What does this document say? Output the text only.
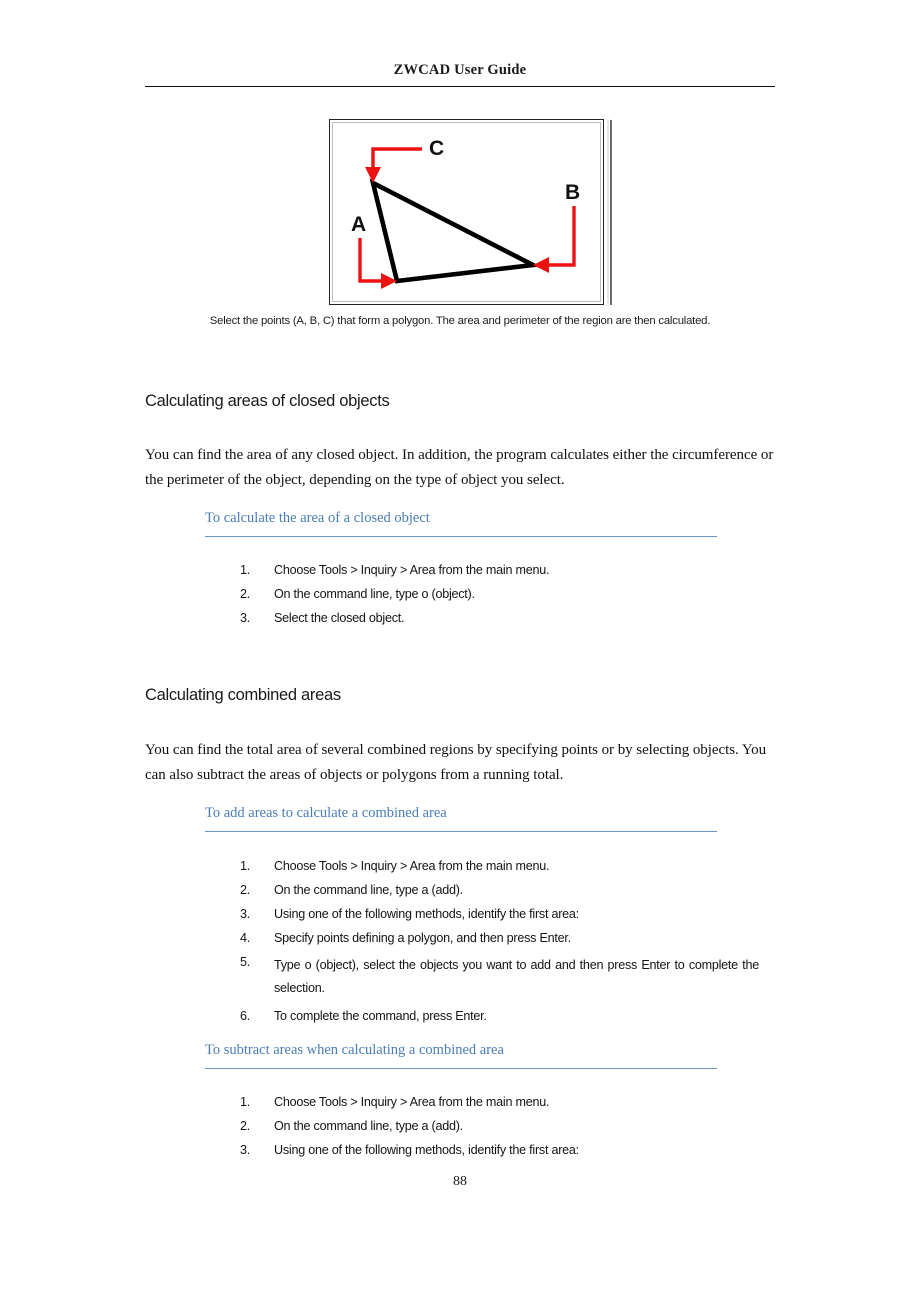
ZWCAD User Guide
C
A
B
Select the points (A, B, C) that form a polygon. The area and perimeter of the region are then calculated.
Calculating areas of closed objects
You can find the area of any closed object. In addition, the program calculates either the circumference or the perimeter of the object, depending on the type of object you select.
To calculate the area of a closed object
1.	Choose Tools > Inquiry > Area from the main menu.
2.	On the command line, type o (object).
3.	Select the closed object.
Calculating combined areas
You can find the total area of several combined regions by specifying points or by selecting objects. You can also subtract the areas of objects or polygons from a running total.
To add areas to calculate a combined area
1.	Choose Tools > Inquiry > Area from the main menu.
2.	On the command line, type a (add).
3.	Using one of the following methods, identify the first area:
4.	Specify points defining a polygon, and then press Enter.
5.	Type o (object), select the objects you want to add and then press Enter to complete the selection.
6.	To complete the command, press Enter.
To subtract areas when calculating a combined area
1.	Choose Tools > Inquiry > Area from the main menu.
2.	On the command line, type a (add).
3.	Using one of the following methods, identify the first area:
88
